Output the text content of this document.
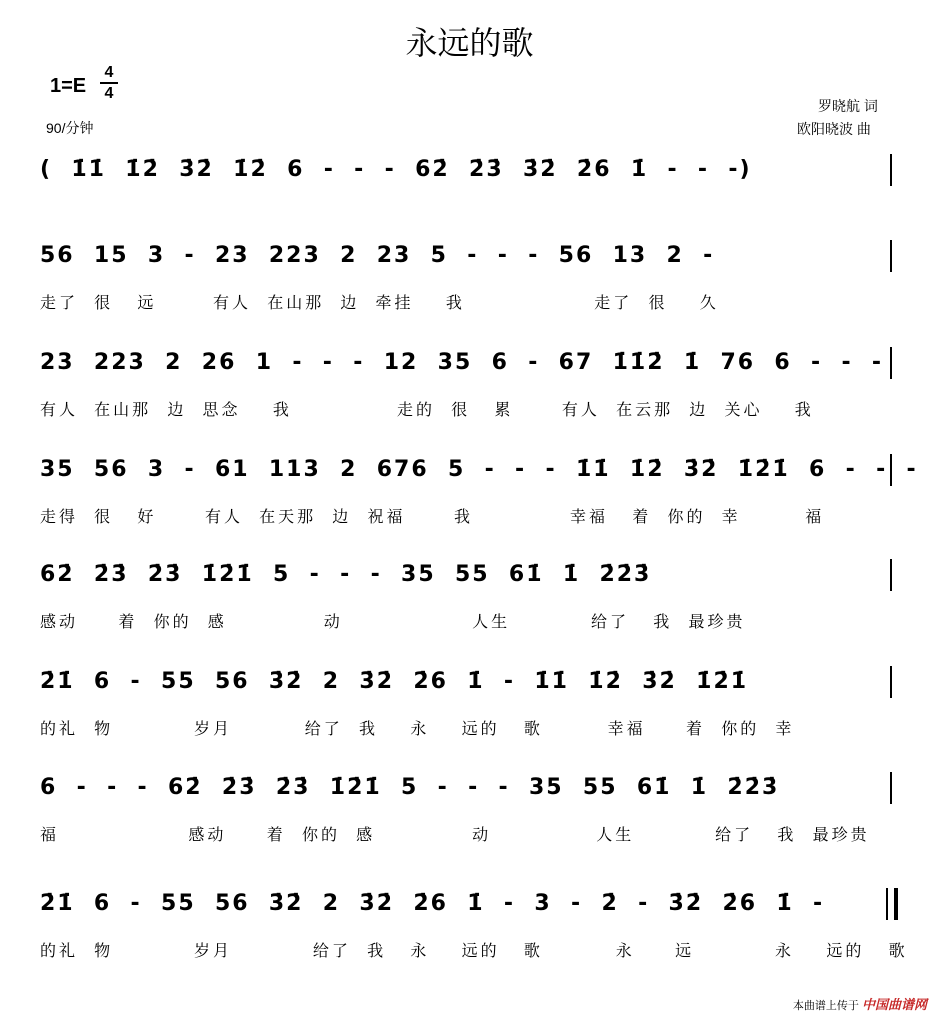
永远的歌
1=E
4
4
90/分钟
罗晓航 词
欧阳晓波 曲
(  1̇1̇  1̇2̇  3̇2̇  1̇2̇  6  -  -  -  62̇  2̇3̇  3̇2̇  2̇6  1̇  -  -  -)
56  15  3  -  23  223  2  23  5  -  -  -  56  13  2  -
走了  很   远       有人  在山那  边  牵挂    我                走了  很    久
23  223  2  26  1  -  -  -  12  35  6  -  67  1̇1̇2̇  1̇  76  6  -  -  -
有人  在山那  边  思念    我             走的  很   累      有人  在云那  边  关心    我
35  56  3  -  61  113  2  676  5  -  -  -  1̇1̇  1̇2̇  3̇2̇  1̇2̇1̇  6  -  -  -
走得  很   好      有人  在天那  边  祝福      我            幸福   着  你的  幸        福
62̇  2̇3̇  2̇3̇  1̇2̇1̇  5  -  -  -  35  55  61̇  1̇  2̇2̇3̇
感动     着  你的  感            动                人生          给了   我  最珍贵
2̇1̇  6  -  55  56  3̇2̇  2  3̇2̇  2̇6  1̇  -  1̇1̇  1̇2̇  3̇2̇  1̇2̇1̇
的礼  物          岁月         给了  我    永    远的   歌        幸福     着  你的  幸
6  -  -  -  62̇  2̇3̇  2̇3̇  1̇2̇1̇  5  -  -  -  35  55  61̇  1̇  2̇2̇3̇
福                感动     着  你的  感            动             人生          给了   我  最珍贵
2̇1̇  6  -  55  56  3̇2̇  2  3̇2̇  2̇6  1̇  -  3  -  2̇  -  3̇2̇  2̇6  1̇  -
的礼  物          岁月          给了  我   永    远的   歌         永     远          永    远的   歌
本曲谱上传于 中国曲谱网
